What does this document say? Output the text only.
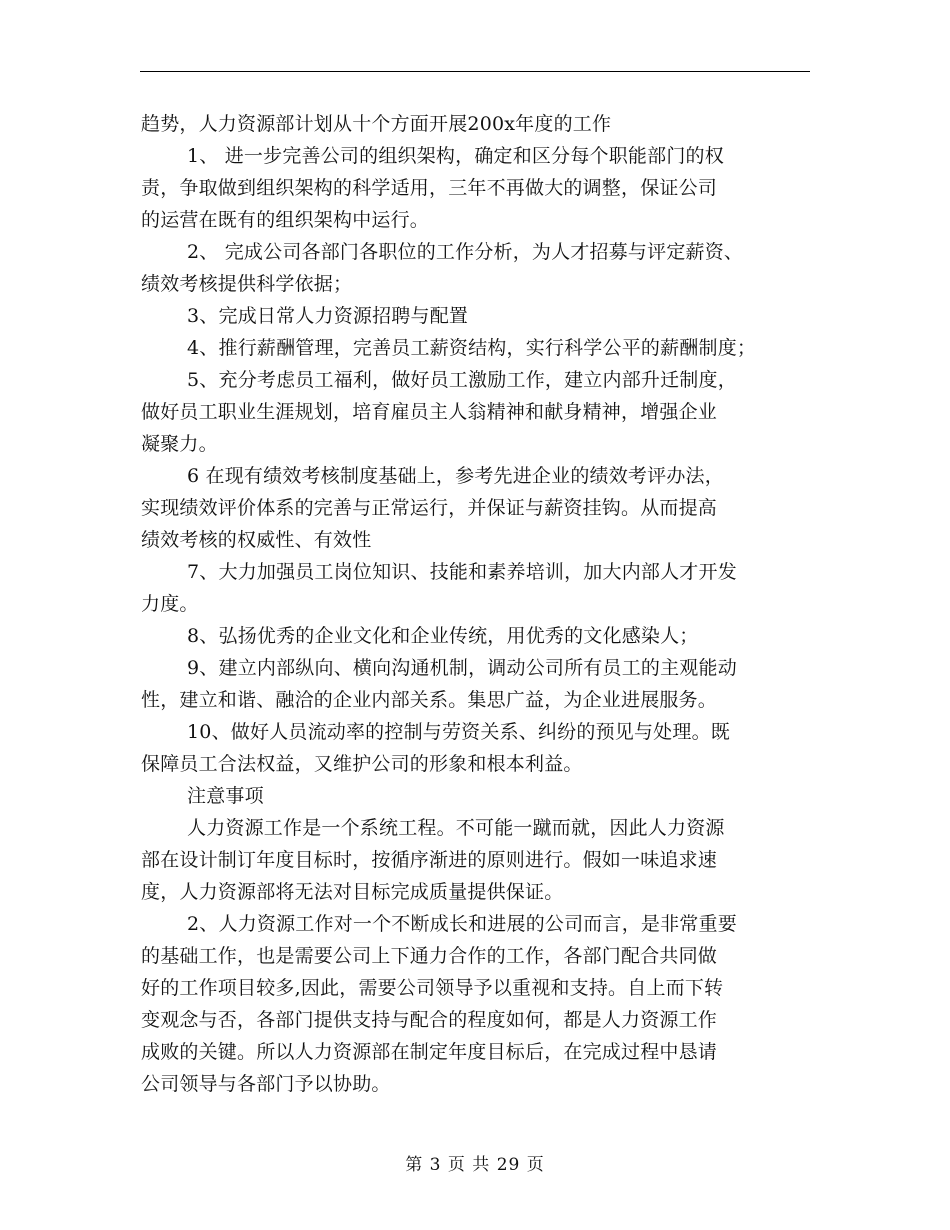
趋势，人力资源部计划从十个方面开展200x年度的工作
1、 进一步完善公司的组织架构，确定和区分每个职能部门的权
责，争取做到组织架构的科学适用，三年不再做大的调整，保证公司
的运营在既有的组织架构中运行。
2、 完成公司各部门各职位的工作分析，为人才招募与评定薪资、
绩效考核提供科学依据；
3、完成日常人力资源招聘与配置
4、推行薪酬管理，完善员工薪资结构，实行科学公平的薪酬制度；
5、充分考虑员工福利，做好员工激励工作，建立内部升迁制度，
做好员工职业生涯规划，培育雇员主人翁精神和献身精神，增强企业
凝聚力。
6 在现有绩效考核制度基础上，参考先进企业的绩效考评办法，
实现绩效评价体系的完善与正常运行，并保证与薪资挂钩。从而提高
绩效考核的权威性、有效性
7、大力加强员工岗位知识、技能和素养培训，加大内部人才开发
力度。
8、弘扬优秀的企业文化和企业传统，用优秀的文化感染人；
9、建立内部纵向、横向沟通机制，调动公司所有员工的主观能动
性，建立和谐、融洽的企业内部关系。集思广益，为企业进展服务。
10、做好人员流动率的控制与劳资关系、纠纷的预见与处理。既
保障员工合法权益，又维护公司的形象和根本利益。
注意事项
人力资源工作是一个系统工程。不可能一蹴而就，因此人力资源
部在设计制订年度目标时，按循序渐进的原则进行。假如一味追求速
度，人力资源部将无法对目标完成质量提供保证。
2、人力资源工作对一个不断成长和进展的公司而言，是非常重要
的基础工作，也是需要公司上下通力合作的工作，各部门配合共同做
好的工作项目较多,因此，需要公司领导予以重视和支持。自上而下转
变观念与否，各部门提供支持与配合的程度如何，都是人力资源工作
成败的关键。所以人力资源部在制定年度目标后，在完成过程中恳请
公司领导与各部门予以协助。
第 3 页 共 29 页
